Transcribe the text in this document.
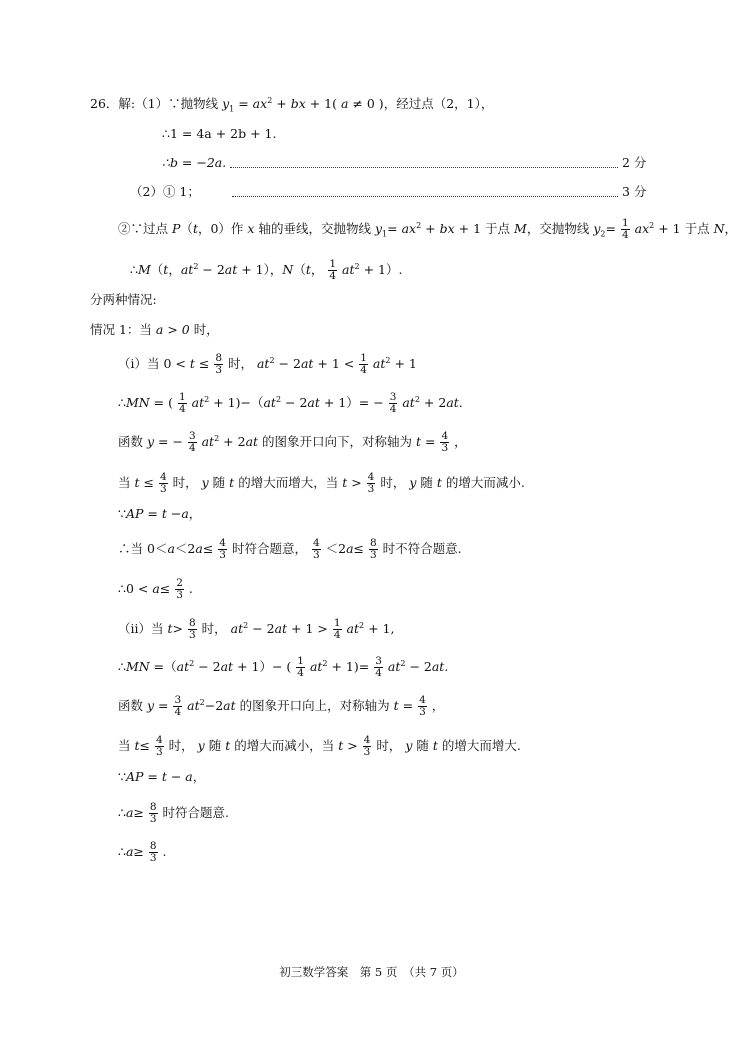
26．解:（1）∵抛物线 $y_1 = ax^2$ + bx + 1( a ≠ 0 )，经过点（2，1），
∴1 = 4a + 2b + 1.
∴b = −2a.	2 分
（2）① 1；	3 分
②∵过点 P（t，0）作 x 轴的垂线，交抛物线 $y_1= ax^2$ + bx + 1 于点 M，交抛物线 $y_2= \frac{1}{4} ax^2 + 1$ 于点 N，
∴M（t，$at^2 - 2at + 1$），N（t， $\frac{1}{4} at^2 + 1$）.
分两种情况:
情况 1：当 a > 0 时，
（i）当 $0 < t \le \frac{8}{3}$ 时， $at^2 - 2at + 1 < \frac{1}{4} at^2 + 1$
∴MN = ( $\frac{1}{4} at^2 + 1)-(at^2 - 2at + 1)= - \frac{3}{4} at^2 + 2at$.
函数 y = − $\frac{3}{4} at^2 + 2at$ 的图象开口向下，对称轴为 $t = \frac{4}{3}$ ，
当 $t \le \frac{4}{3}$ 时， y 随 t 的增大而增大，当 $t > \frac{4}{3}$ 时， y 随 t 的增大而减小.
∵AP = t −a，
∴当 $0<a<2a\le \frac{4}{3}$ 时符合题意， $\frac{4}{3} <2a\le \frac{8}{3}$ 时不符合题意.
∴0 < $a\le \frac{2}{3}$ .
（ii）当 $t> \frac{8}{3}$ 时， $at^2 - 2at + 1 > \frac{1}{4} at^2 + 1$,
∴MN $=(at^2 - 2at + 1)-$ ( $\frac{1}{4} at^2 + 1)= \frac{3}{4} at^2 - 2at$.
函数 $y = \frac{3}{4} at^2-2at$ 的图象开口向上，对称轴为 $t = \frac{4}{3}$ ，
当 $t\le \frac{4}{3}$ 时， y 随 t 的增大而减小，当 $t > \frac{4}{3}$ 时， y 随 t 的增大而增大.
∵AP = t − a，
∴a≥ $\frac{8}{3}$ 时符合题意.
∴a≥ $\frac{8}{3}$ .
初三数学答案　第 5 页　（共 7 页）
